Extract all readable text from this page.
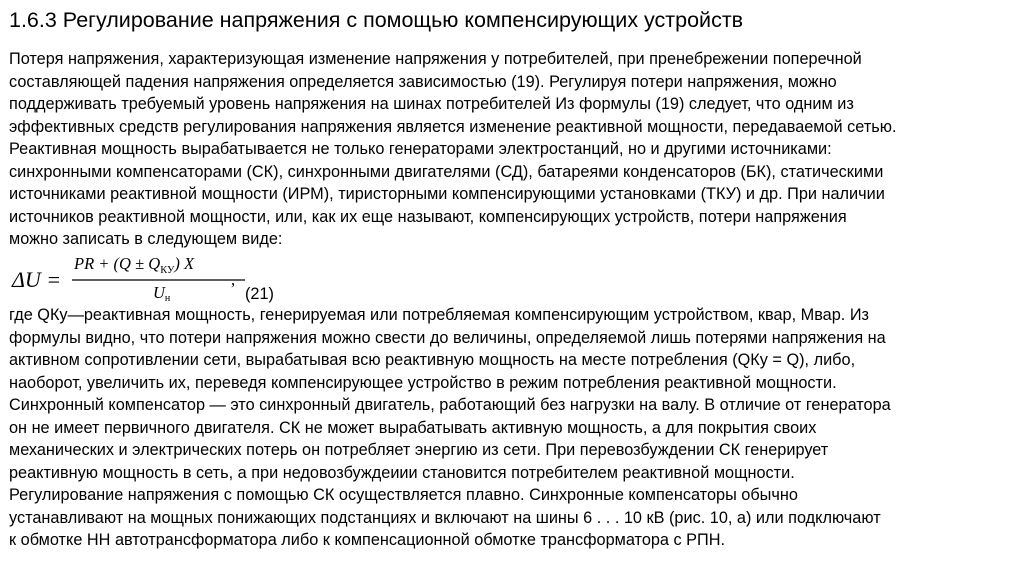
1.6.3 Регулирование напряжения с помощью компенсирующих устройств

Потеря напряжения, характеризующая изменение напряжения у потребителей, при пренебрежении поперечной
составляющей падения напряжения определяется зависимостью (19). Регулируя потери напряжения, можно
поддерживать требуемый уровень напряжения на шинах потребителей Из формулы (19) следует, что одним из
эффективных средств регулирования напряжения является изменение реактивной мощности, передаваемой сетью.
Реактивная мощность вырабатывается не только генераторами электростанций, но и другими источниками:
синхронными компенсаторами (СК), синхронными двигателями (СД), батареями конденсаторов (БК), статическими
источниками реактивной мощности (ИРМ), тиристорными компенсирующими установками (ТКУ) и др. При наличии
источников реактивной мощности, или, как их еще называют, компенсирующих устройств, потери напряжения
можно записать в следующем виде:

ΔU =
PR + $(Q \pm Q_{КУ})$ X
,
Uн	(21)

где QКу—реактивная мощность, генерируемая или потребляемая компенсирующим устройством, квар, Мвар. Из
формулы видно, что потери напряжения можно свести до величины, определяемой лишь потерями напряжения на
активном сопротивлении сети, вырабатывая всю реактивную мощность на месте потребления (QКу = Q), либо,
наоборот, увеличить их, переведя компенсирующее устройство в режим потребления реактивной мощности.
Синхронный компенсатор — это синхронный двигатель, работающий без нагрузки на валу. В отличие от генератора
он не имеет первичного двигателя. СК не может вырабатывать активную мощность, а для покрытия своих
механических и электрических потерь он потребляет энергию из сети. При перевозбуждении СК генерирует
реактивную мощность в сеть, а при недовозбуждеиии становится потребителем реактивной мощности.
Регулирование напряжения с помощью СК осуществляется плавно. Синхронные компенсаторы обычно
устанавливают на мощных понижающих подстанциях и включают на шины 6 . . . 10 кВ (рис. 10, а) или подключают
к обмотке НН автотрансформатора либо к компенсационной обмотке трансформатора с РПН.
